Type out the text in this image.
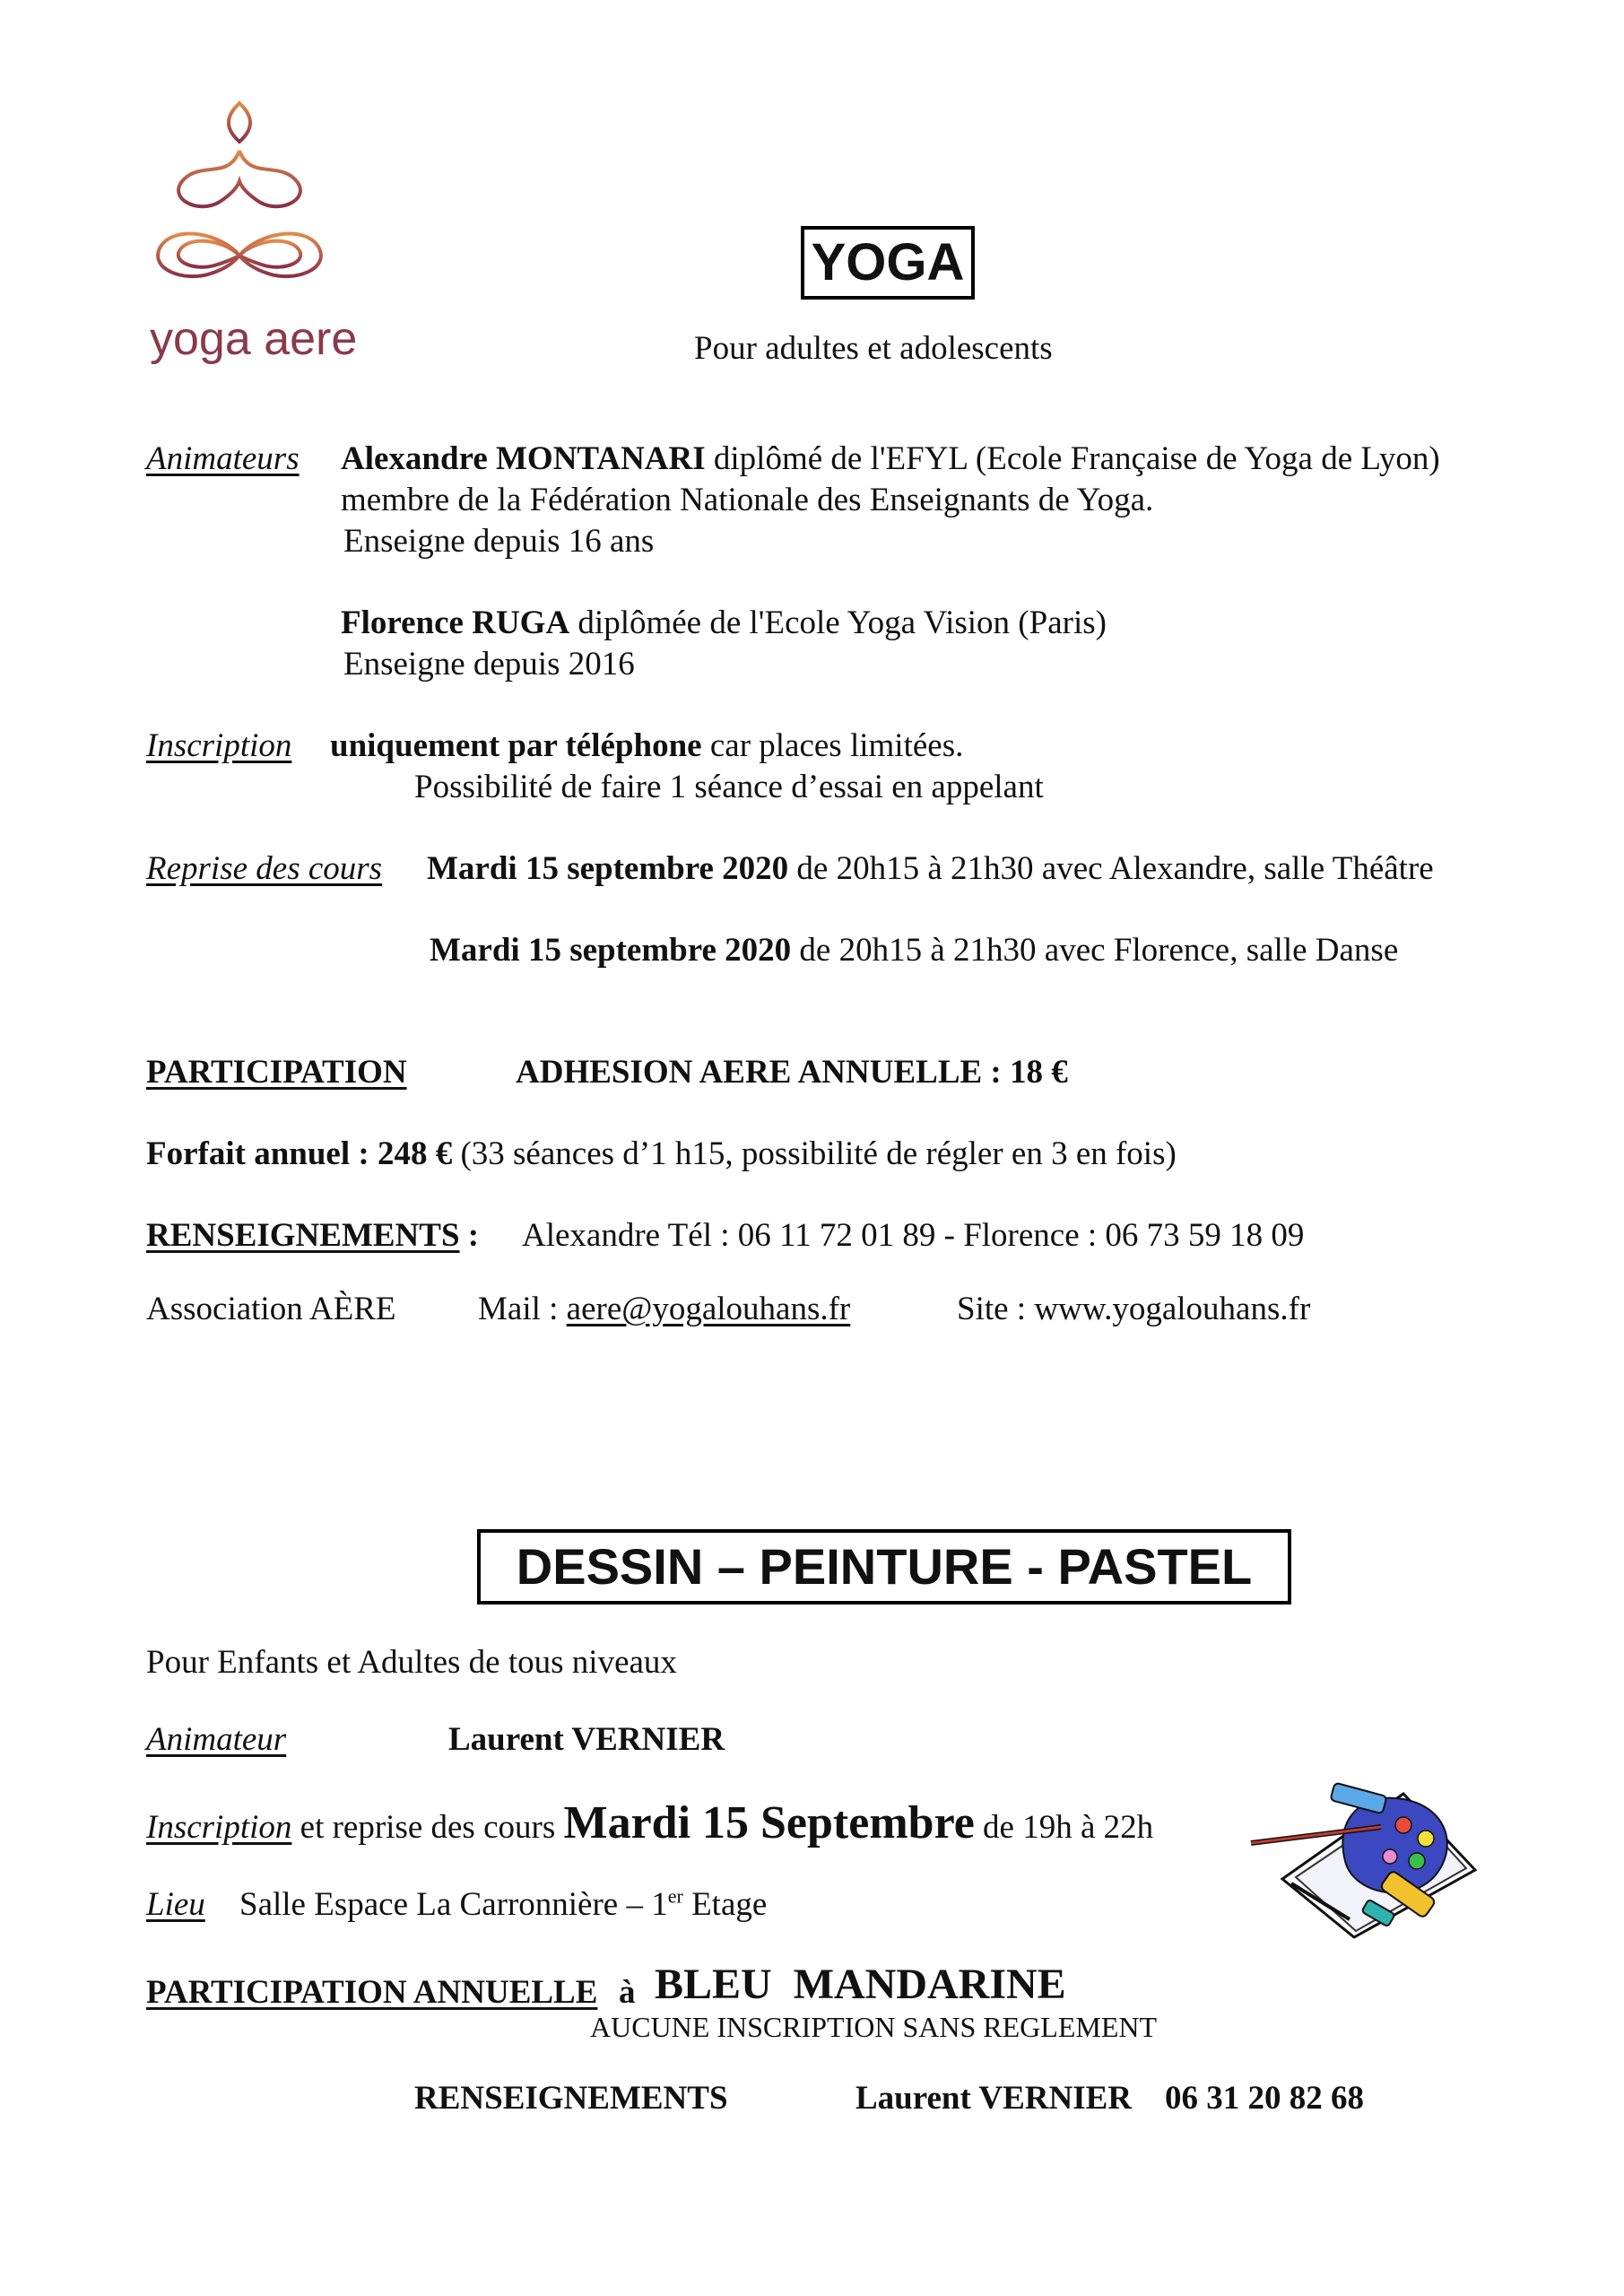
yoga aere
YOGA
Pour adultes et adolescents
Animateurs Alexandre MONTANARI diplômé de l'EFYL (Ecole Française de Yoga de Lyon)
membre de la Fédération Nationale des Enseignants de Yoga.
Enseigne depuis 16 ans
Florence RUGA diplômée de l'Ecole Yoga Vision (Paris)
Enseigne depuis 2016
Inscription uniquement par téléphone car places limitées.
Possibilité de faire 1 séance d’essai en appelant
Reprise des cours Mardi 15 septembre 2020 de 20h15 à 21h30 avec Alexandre, salle Théâtre
Mardi 15 septembre 2020 de 20h15 à 21h30 avec Florence, salle Danse
PARTICIPATION	ADHESION AERE ANNUELLE : 18 €
Forfait annuel : 248 € (33 séances d’1 h15, possibilité de régler en 3 en fois)
RENSEIGNEMENTS : Alexandre Tél : 06 11 72 01 89 - Florence : 06 73 59 18 09
Association AÈRE Mail : aere@yogalouhans.fr	Site : www.yogalouhans.fr
DESSIN – PEINTURE - PASTEL
Pour Enfants et Adultes de tous niveaux
Animateur	Laurent VERNIER
Inscription et reprise des cours Mardi 15 Septembre de 19h à 22h
Lieu Salle Espace La Carronnière – 1er Etage
PARTICIPATION ANNUELLE à BLEU  MANDARINE
AUCUNE INSCRIPTION SANS REGLEMENT
RENSEIGNEMENTS	Laurent VERNIER    06 31 20 82 68
